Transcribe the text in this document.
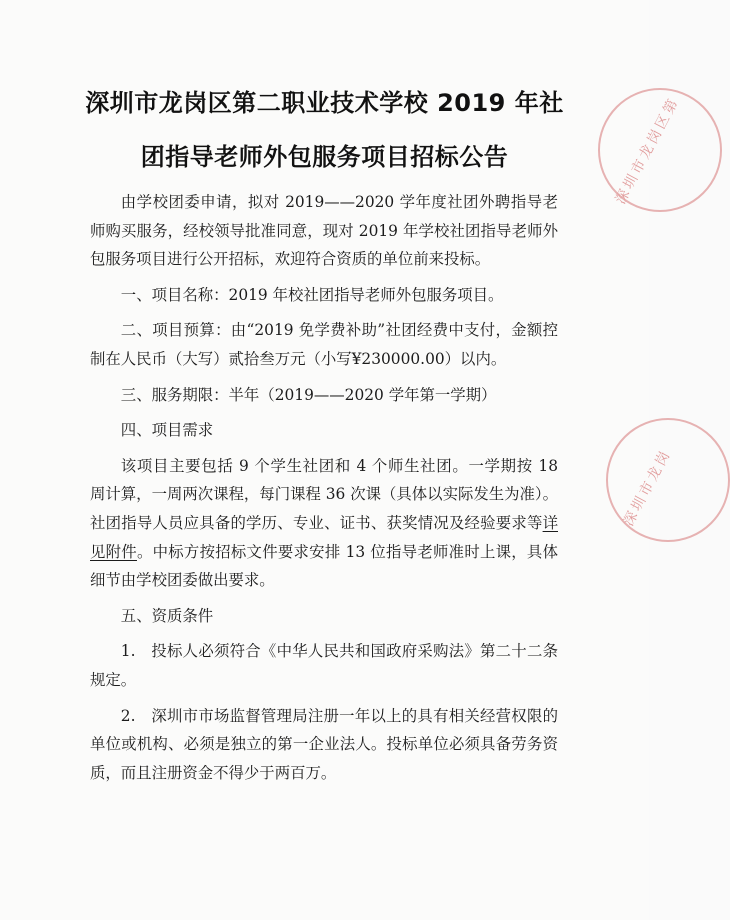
深圳市龙岗区第二职业技术学校 2019 年社
团指导老师外包服务项目招标公告

由学校团委申请，拟对 2019——2020 学年度社团外聘指导老师购买服务，经校领导批准同意，现对 2019 年学校社团指导老师外包服务项目进行公开招标，欢迎符合资质的单位前来投标。

一、项目名称：2019 年校社团指导老师外包服务项目。

二、项目预算：由“2019 免学费补助”社团经费中支付，金额控制在人民币（大写）贰拾叁万元（小写¥230000.00）以内。

三、服务期限：半年（2019——2020 学年第一学期）

四、项目需求

该项目主要包括 9 个学生社团和 4 个师生社团。一学期按 18 周计算，一周两次课程，每门课程 36 次课（具体以实际发生为准）。社团指导人员应具备的学历、专业、证书、获奖情况及经验要求等详见附件。中标方按招标文件要求安排 13 位指导老师准时上课，具体细节由学校团委做出要求。

五、资质条件

1.　投标人必须符合《中华人民共和国政府采购法》第二十二条规定。

2.　深圳市市场监督管理局注册一年以上的具有相关经营权限的单位或机构、必须是独立的第一企业法人。投标单位必须具备劳务资质，而且注册资金不得少于两百万。

深圳市龙岗区第
深圳市龙岗
